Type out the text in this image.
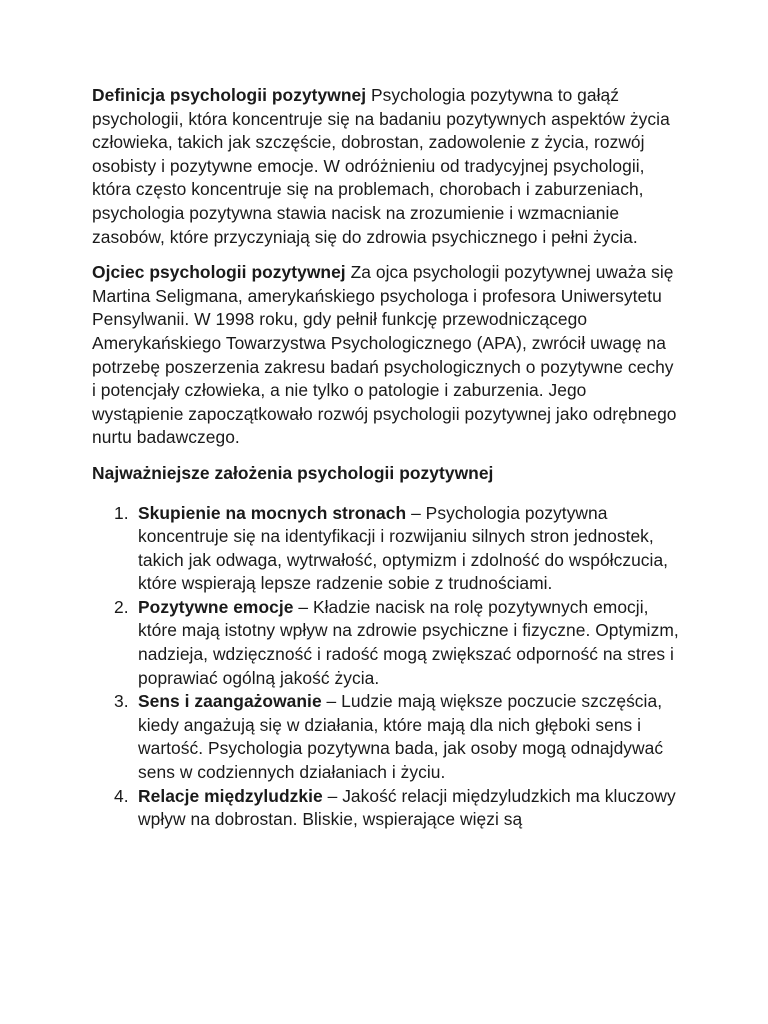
Definicja psychologii pozytywnej Psychologia pozytywna to gałąź psychologii, która koncentruje się na badaniu pozytywnych aspektów życia człowieka, takich jak szczęście, dobrostan, zadowolenie z życia, rozwój osobisty i pozytywne emocje. W odróżnieniu od tradycyjnej psychologii, która często koncentruje się na problemach, chorobach i zaburzeniach, psychologia pozytywna stawia nacisk na zrozumienie i wzmacnianie zasobów, które przyczyniają się do zdrowia psychicznego i pełni życia.

Ojciec psychologii pozytywnej Za ojca psychologii pozytywnej uważa się Martina Seligmana, amerykańskiego psychologa i profesora Uniwersytetu Pensylwanii. W 1998 roku, gdy pełnił funkcję przewodniczącego Amerykańskiego Towarzystwa Psychologicznego (APA), zwrócił uwagę na potrzebę poszerzenia zakresu badań psychologicznych o pozytywne cechy i potencjały człowieka, a nie tylko o patologie i zaburzenia. Jego wystąpienie zapoczątkowało rozwój psychologii pozytywnej jako odrębnego nurtu badawczego.

Najważniejsze założenia psychologii pozytywnej

1. Skupienie na mocnych stronach – Psychologia pozytywna koncentruje się na identyfikacji i rozwijaniu silnych stron jednostek, takich jak odwaga, wytrwałość, optymizm i zdolność do współczucia, które wspierają lepsze radzenie sobie z trudnościami.
2. Pozytywne emocje – Kładzie nacisk na rolę pozytywnych emocji, które mają istotny wpływ na zdrowie psychiczne i fizyczne. Optymizm, nadzieja, wdzięczność i radość mogą zwiększać odporność na stres i poprawiać ogólną jakość życia.
3. Sens i zaangażowanie – Ludzie mają większe poczucie szczęścia, kiedy angażują się w działania, które mają dla nich głęboki sens i wartość. Psychologia pozytywna bada, jak osoby mogą odnajdywać sens w codziennych działaniach i życiu.
4. Relacje międzyludzkie – Jakość relacji międzyludzkich ma kluczowy wpływ na dobrostan. Bliskie, wspierające więzi są
